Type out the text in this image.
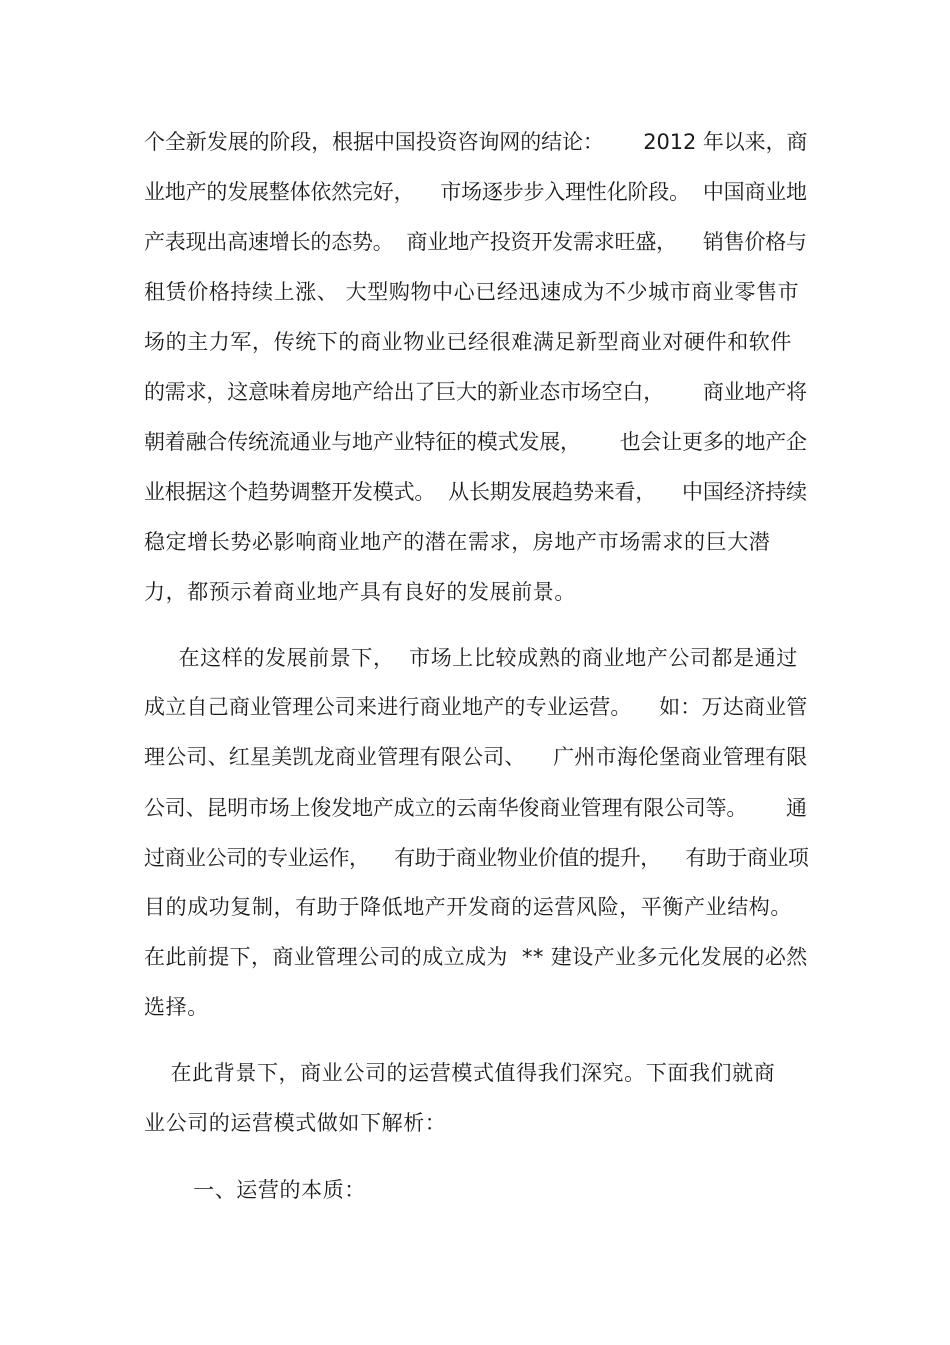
个全新发展的阶段，根据中国投资咨询网的结论：      2012 年以来，商
业地产的发展整体依然完好，    市场逐步步入理性化阶段。  中国商业地
产表现出高速增长的态势。  商业地产投资开发需求旺盛，    销售价格与
租赁价格持续上涨、 大型购物中心已经迅速成为不少城市商业零售市
场的主力军，传统下的商业物业已经很难满足新型商业对硬件和软件
的需求，这意味着房地产给出了巨大的新业态市场空白，      商业地产将
朝着融合传统流通业与地产业特征的模式发展，      也会让更多的地产企
业根据这个趋势调整开发模式。  从长期发展趋势来看，    中国经济持续
稳定增长势必影响商业地产的潜在需求，房地产市场需求的巨大潜
力，都预示着商业地产具有良好的发展前景。
在这样的发展前景下，  市场上比较成熟的商业地产公司都是通过
成立自己商业管理公司来进行商业地产的专业运营。    如：万达商业管
理公司、红星美凯龙商业管理有限公司、    广州市海伦堡商业管理有限
公司、昆明市场上俊发地产成立的云南华俊商业管理有限公司等。      通
过商业公司的专业运作，    有助于商业物业价值的提升，    有助于商业项
目的成功复制，有助于降低地产开发商的运营风险，平衡产业结构。
在此前提下，商业管理公司的成立成为  ** 建设产业多元化发展的必然
选择。
在此背景下，商业公司的运营模式值得我们深究。下面我们就商
业公司的运营模式做如下解析：
一、运营的本质：
